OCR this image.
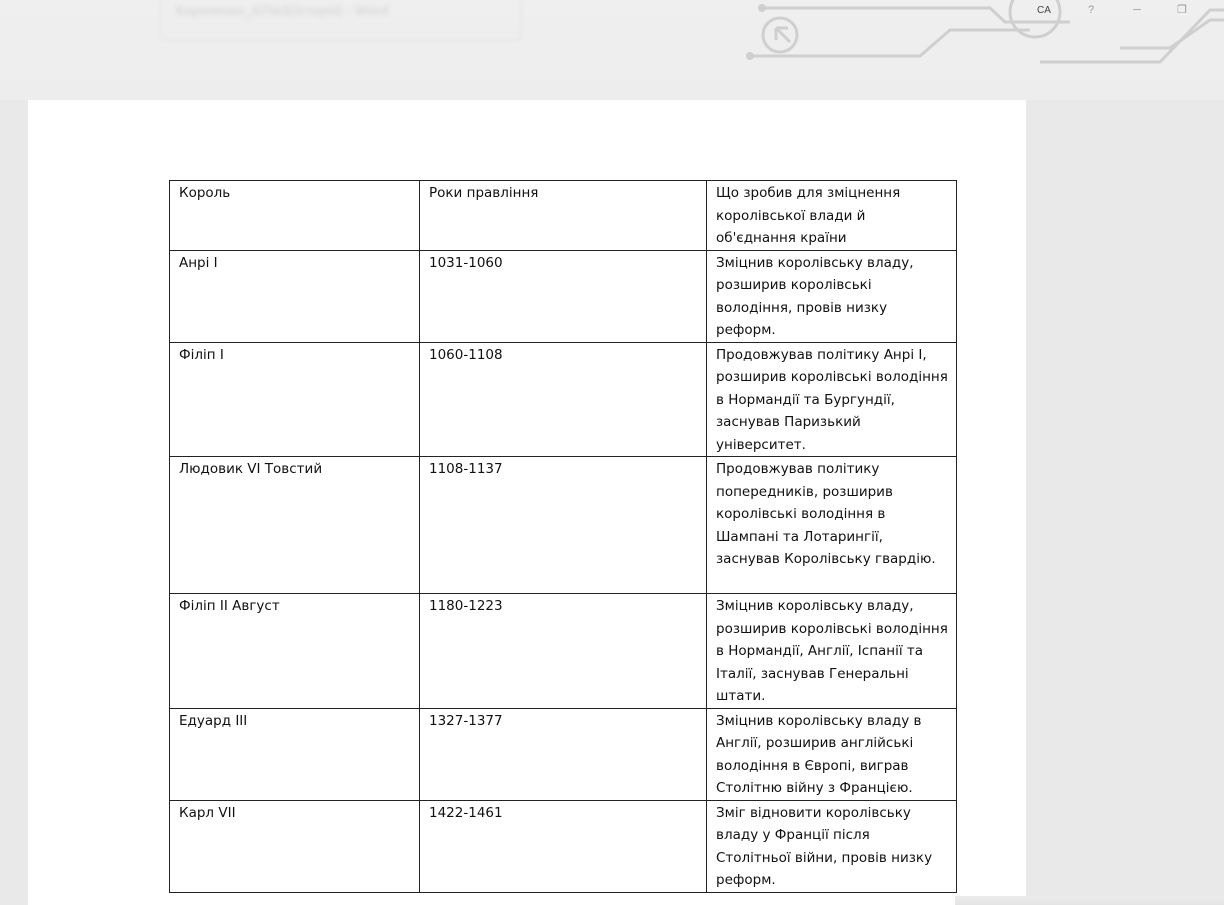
Короленко_ЄПм3(Історія) - Word	CA	?	─	❐
Король	Роки правління	Що зробив для зміцнення королівської влади й об'єднання країни
Анрі I	1031-1060	Зміцнив королівську владу, розширив королівські володіння, провів низку реформ.
Філіп I	1060-1108	Продовжував політику Анрі I, розширив королівські володіння в Нормандії та Бургундії, заснував Паризький університет.
Людовик VI Товстий	1108-1137	Продовжував політику попередників, розширив королівські володіння в Шампані та Лотарингії, заснував Королівську гвардію.
Філіп II Август	1180-1223	Зміцнив королівську владу, розширив королівські володіння в Нормандії, Англії, Іспанії та Італії, заснував Генеральні штати.
Едуард III	1327-1377	Зміцнив королівську владу в Англії, розширив англійські володіння в Європі, виграв Столітню війну з Францією.
Карл VII	1422-1461	Зміг відновити королівську владу у Франції після Столітньої війни, провів низку реформ.
